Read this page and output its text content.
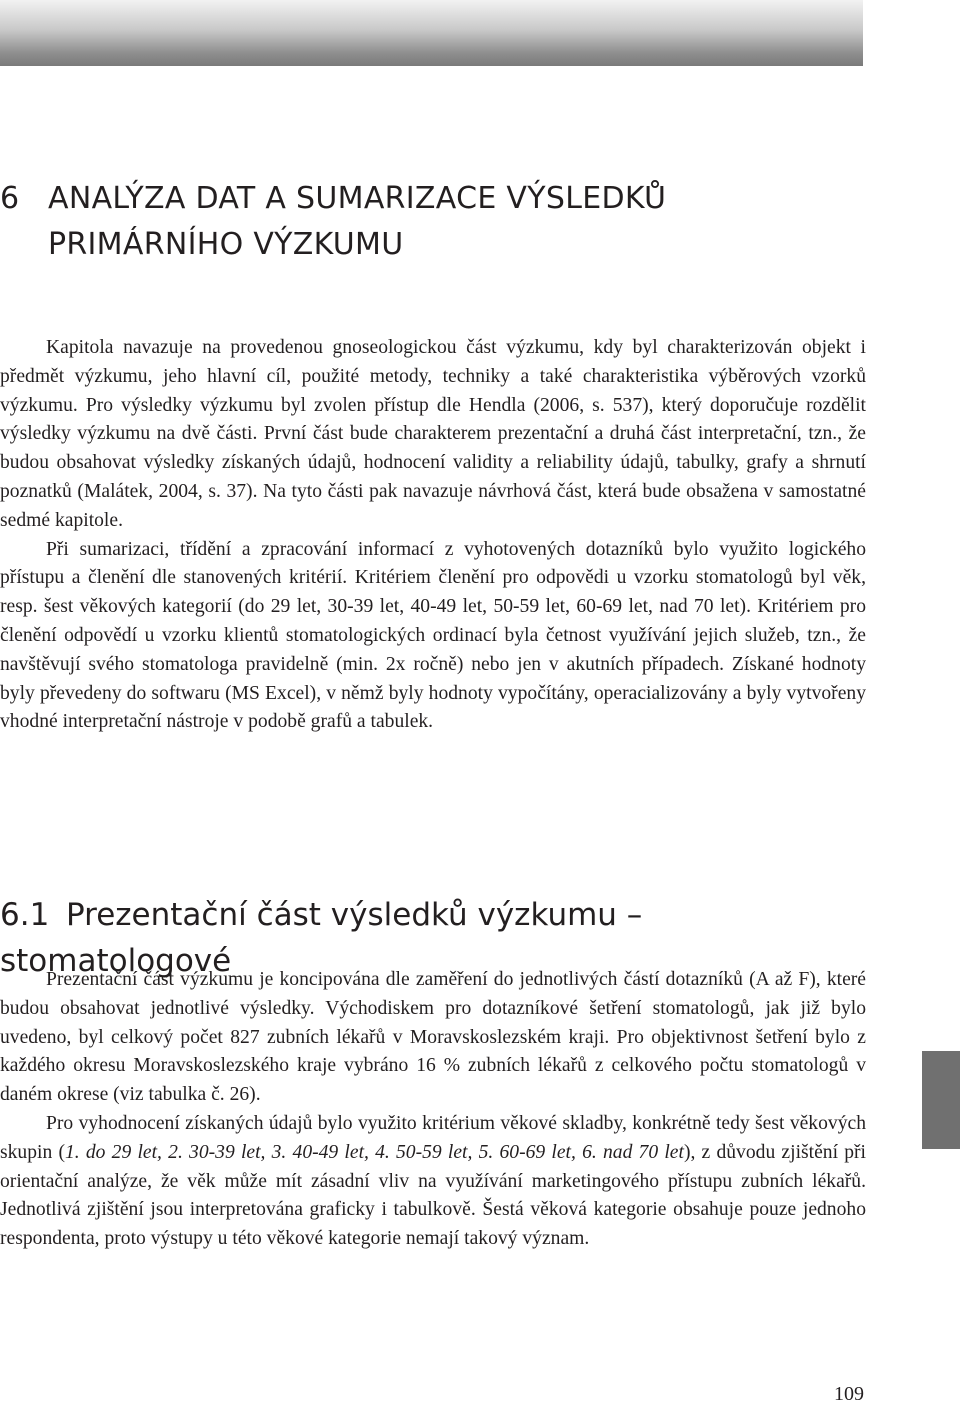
6 ANALÝZA DAT A SUMARIZACE VÝSLEDKŮ PRIMÁRNÍHO VÝZKUMU

Kapitola navazuje na provedenou gnoseologickou část výzkumu, kdy byl charakterizován objekt i předmět výzkumu, jeho hlavní cíl, použité metody, techniky a také charakteristika výběrových vzorků výzkumu. Pro výsledky výzkumu byl zvolen přístup dle Hendla (2006, s. 537), který doporučuje rozdělit výsledky výzkumu na dvě části. První část bude charakterem prezentační a druhá část interpretační, tzn., že budou obsahovat výsledky získaných údajů, hodnocení validity a reliability údajů, tabulky, grafy a shrnutí poznatků (Malátek, 2004, s. 37). Na tyto části pak navazuje návrhová část, která bude obsažena v samostatné sedmé kapitole.

Při sumarizaci, třídění a zpracování informací z vyhotovených dotazníků bylo využito logického přístupu a členění dle stanovených kritérií. Kritériem členění pro odpovědi u vzorku stomatologů byl věk, resp. šest věkových kategorií (do 29 let, 30-39 let, 40-49 let, 50-59 let, 60-69 let, nad 70 let). Kritériem pro členění odpovědí u vzorku klientů stomatologických ordinací byla četnost využívání jejich služeb, tzn., že navštěvují svého stomatologa pravidelně (min. 2x ročně) nebo jen v akutních případech. Získané hodnoty byly převedeny do softwaru (MS Excel), v němž byly hodnoty vypočítány, operacializovány a byly vytvořeny vhodné interpretační nástroje v podobě grafů a tabulek.

6.1 Prezentační část výsledků výzkumu – stomatologové

Prezentační část výzkumu je koncipována dle zaměření do jednotlivých částí dotazníků (A až F), které budou obsahovat jednotlivé výsledky. Východiskem pro dotazníkové šetření stomatologů, jak již bylo uvedeno, byl celkový počet 827 zubních lékařů v Moravskoslezském kraji. Pro objektivnost šetření bylo z každého okresu Moravskoslezského kraje vybráno 16 % zubních lékařů z celkového počtu stomatologů v daném okrese (viz tabulka č. 26).

Pro vyhodnocení získaných údajů bylo využito kritérium věkové skladby, konkrétně tedy šest věkových skupin (1. do 29 let, 2. 30-39 let, 3. 40-49 let, 4. 50-59 let, 5. 60-69 let, 6. nad 70 let), z důvodu zjištění při orientační analýze, že věk může mít zásadní vliv na využívání marketingového přístupu zubních lékařů. Jednotlivá zjištění jsou interpretována graficky i tabulkově. Šestá věková kategorie obsahuje pouze jednoho respondenta, proto výstupy u této věkové kategorie nemají takový význam.

109
